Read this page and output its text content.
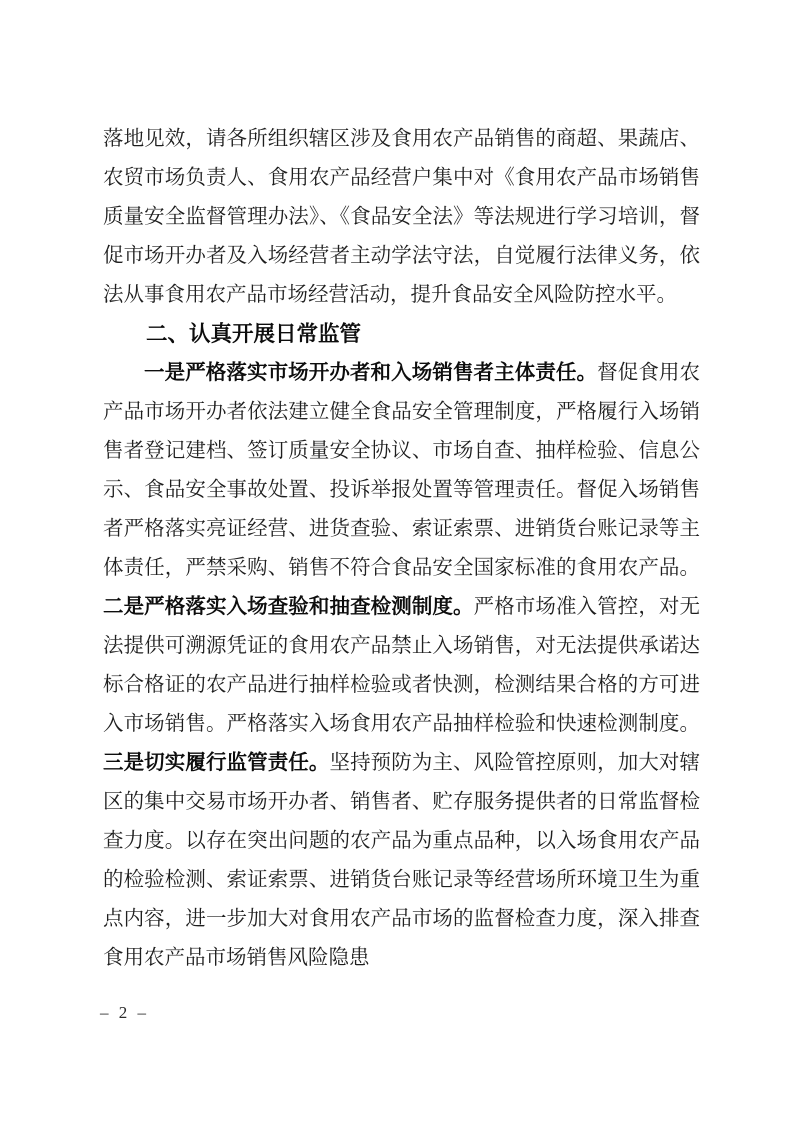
落地见效，请各所组织辖区涉及食用农产品销售的商超、果蔬店、农贸市场负责人、食用农产品经营户集中对《食用农产品市场销售质量安全监督管理办法》、《食品安全法》等法规进行学习培训，督促市场开办者及入场经营者主动学法守法，自觉履行法律义务，依法从事食用农产品市场经营活动，提升食品安全风险防控水平。

二、认真开展日常监管

一是严格落实市场开办者和入场销售者主体责任。督促食用农产品市场开办者依法建立健全食品安全管理制度，严格履行入场销售者登记建档、签订质量安全协议、市场自查、抽样检验、信息公示、食品安全事故处置、投诉举报处置等管理责任。督促入场销售者严格落实亮证经营、进货查验、索证索票、进销货台账记录等主体责任，严禁采购、销售不符合食品安全国家标准的食用农产品。二是严格落实入场查验和抽查检测制度。严格市场准入管控，对无法提供可溯源凭证的食用农产品禁止入场销售，对无法提供承诺达标合格证的农产品进行抽样检验或者快测，检测结果合格的方可进入市场销售。严格落实入场食用农产品抽样检验和快速检测制度。三是切实履行监管责任。坚持预防为主、风险管控原则，加大对辖区的集中交易市场开办者、销售者、贮存服务提供者的日常监督检查力度。以存在突出问题的农产品为重点品种，以入场食用农产品的检验检测、索证索票、进销货台账记录等经营场所环境卫生为重点内容，进一步加大对食用农产品市场的监督检查力度，深入排查食用农产品市场销售风险隐患

– 2 –
